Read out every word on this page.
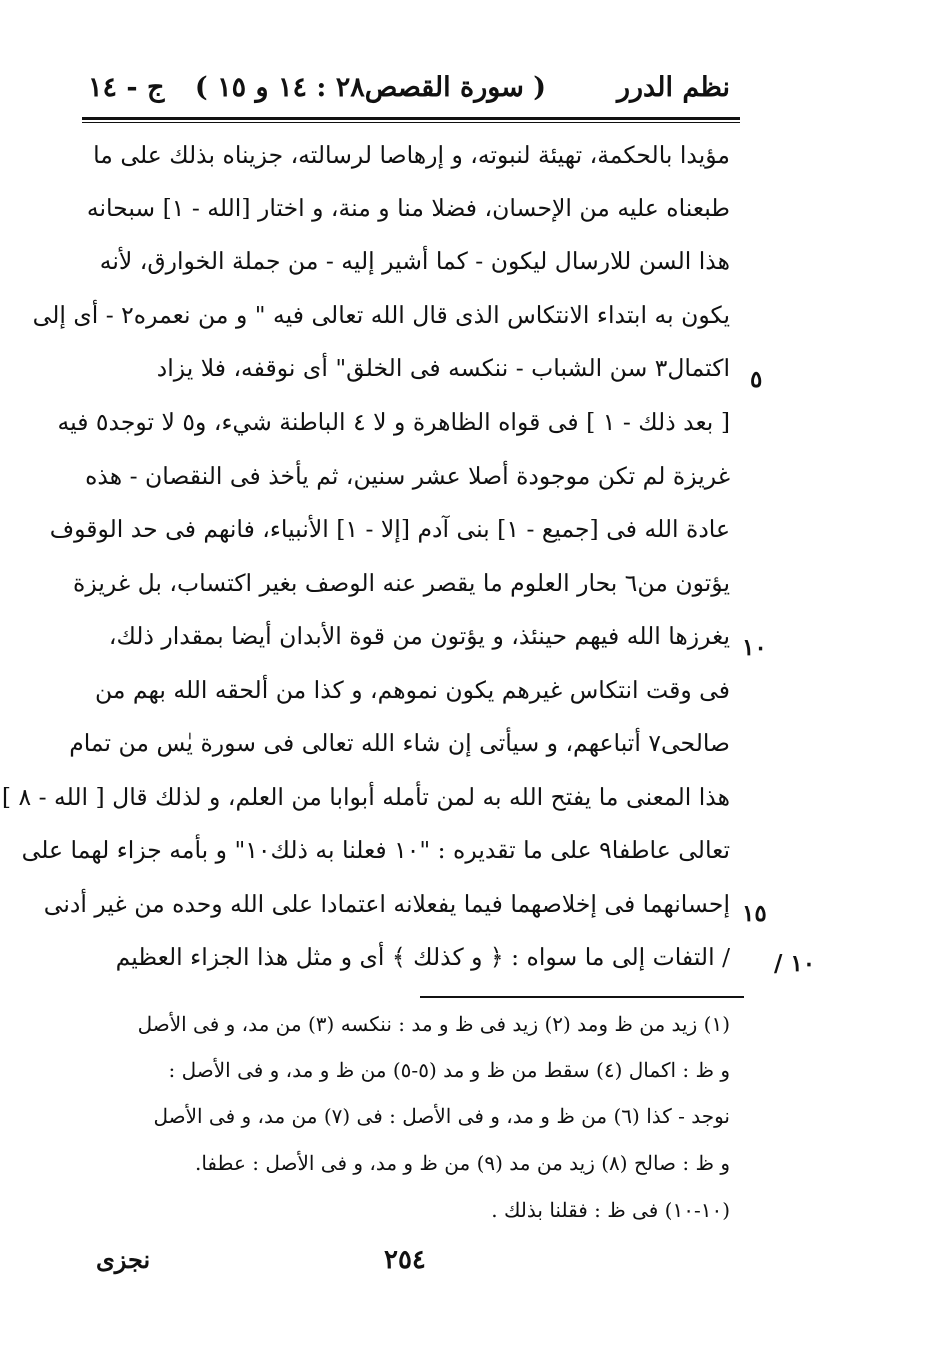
نظم الدرر
( سورة القصص٢٨ : ١٤ و ١٥ )
ج - ١٤
مؤيدا بالحكمة، تهيئة لنبوته، و إرهاصا لرسالته، جزيناه بذلك على ما
طبعناه عليه من الإحسان، فضلا منا و منة، و اختار [الله - ١] سبحانه
هذا السن للارسال ليكون - كما أشير إليه - من جملة الخوارق، لأنه
يكون به ابتداء الانتكاس الذى قال الله تعالى فيه " و من نعمره٢ - أى إلى
اكتمال٣ سن الشباب - ننكسه فى الخلق" أى نوقفه، فلا يزاد
[ بعد ذلك - ١ ] فى قواه الظاهرة و لا ٤ الباطنة شيء، و٥ لا توجد٥ فيه
غريزة لم تكن موجودة أصلا عشر سنين، ثم يأخذ فى النقصان - هذه
عادة الله فى [جميع - ١] بنى آدم [إلا - ١] الأنبياء، فانهم فى حد الوقوف
يؤتون من٦ بحار العلوم ما يقصر عنه الوصف بغير اكتساب، بل غريزة
يغرزها الله فيهم حينئذ، و يؤتون من قوة الأبدان أيضا بمقدار ذلك،
فى وقت انتكاس غيرهم يكون نموهم، و كذا من ألحقه الله بهم من
صالحى٧ أتباعهم، و سيأتى إن شاء الله تعالى فى سورة يٰس من تمام
هذا المعنى ما يفتح الله به لمن تأمله أبوابا من العلم، و لذلك قال [ الله - ٨ ]
تعالى عاطفا٩ على ما تقديره : "١٠ فعلنا به ذلك١٠" و بأمه جزاء لهما على
إحسانهما فى إخلاصهما فيما يفعلانه اعتمادا على الله وحده من غير أدنى
/ التفات إلى ما سواه : ﴿ و كذلك ﴾ أى و مثل هذا الجزاء العظيم
٥
١٠
١٥
/ ١٠
(١) زيد من ظ ومد (٢) زيد فى ظ و مد : ننكسه (٣) من مد، و فى الأصل
و ظ : اكمال (٤) سقط من ظ و مد (٥-٥) من ظ و مد، و فى الأصل :
نوجد - كذا (٦) من ظ و مد، و فى الأصل : فى (٧) من مد، و فى الأصل
و ظ : صالح (٨) زيد من مد (٩) من ظ و مد، و فى الأصل : عطفا.
(١٠-١٠) فى ظ : فقلنا بذلك .
٢٥٤
نجزى
